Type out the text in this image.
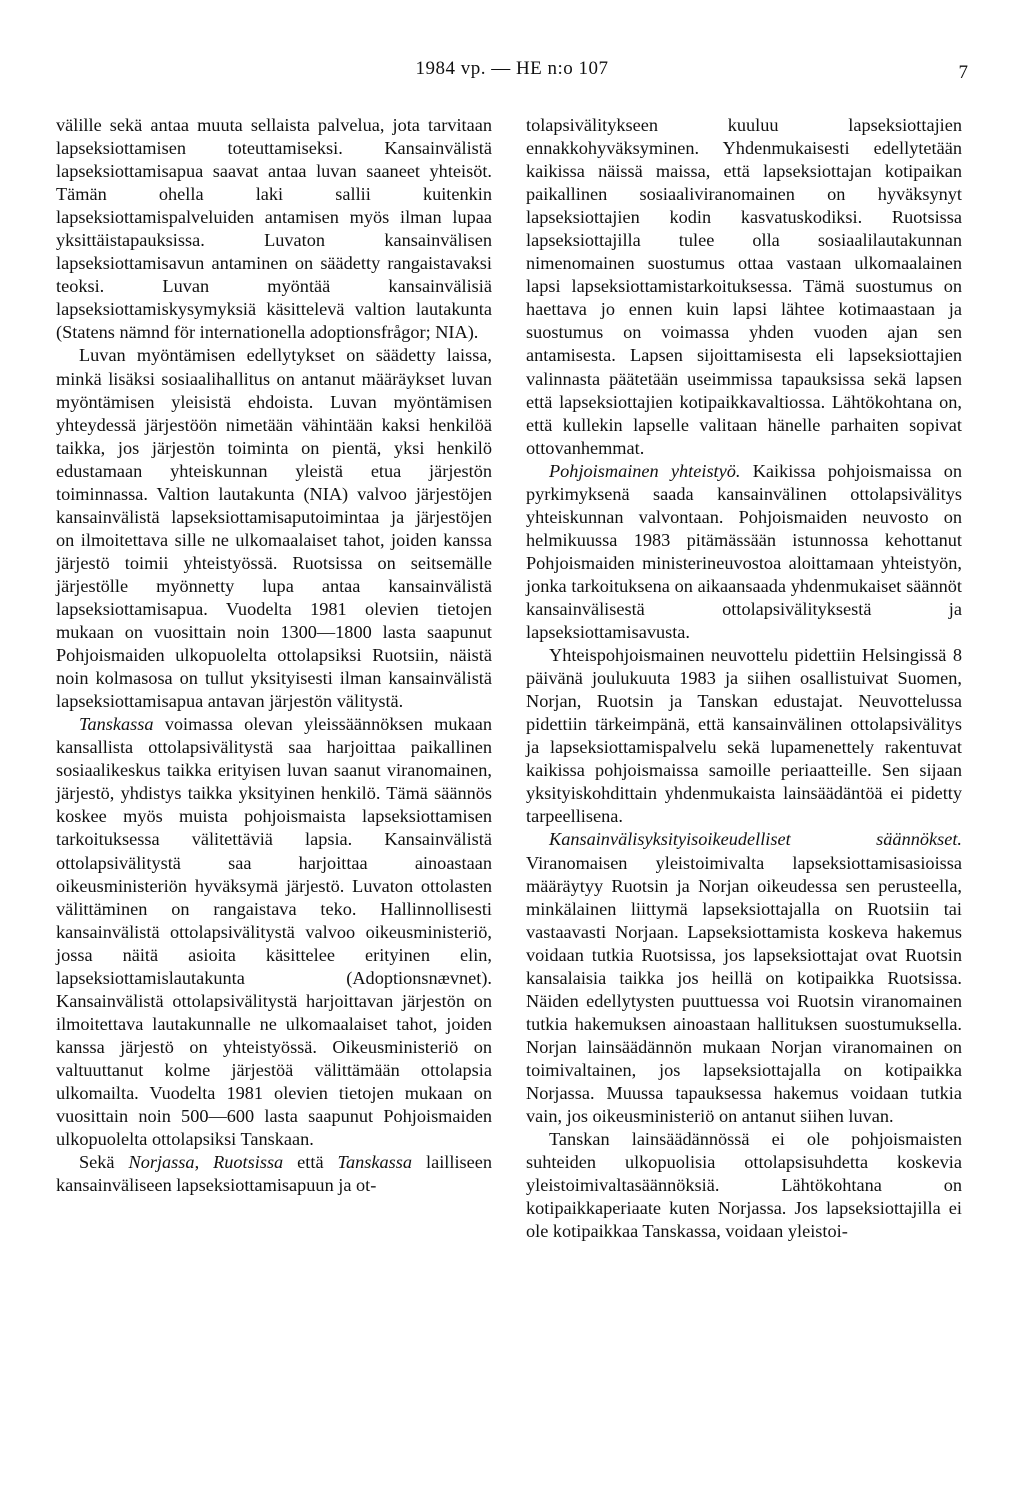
1984 vp. — HE n:o 107	7

välille sekä antaa muuta sellaista palvelua, jota tarvitaan lapseksiottamisen toteuttamiseksi. Kansainvälistä lapseksiottamisapua saavat antaa luvan saaneet yhteisöt. Tämän ohella laki sallii kuitenkin lapseksiottamispalveluiden antamisen myös ilman lupaa yksittäistapauksissa. Luvaton kansainvälisen lapseksiottamisavun antaminen on säädetty rangaistavaksi teoksi. Luvan myöntää kansainvälisiä lapseksiottamiskysymyksiä käsittelevä valtion lautakunta (Statens nämnd för internationella adoptionsfrågor; NIA).

Luvan myöntämisen edellytykset on säädetty laissa, minkä lisäksi sosiaalihallitus on antanut määräykset luvan myöntämisen yleisistä ehdoista. Luvan myöntämisen yhteydessä järjestöön nimetään vähintään kaksi henkilöä taikka, jos järjestön toiminta on pientä, yksi henkilö edustamaan yhteiskunnan yleistä etua järjestön toiminnassa. Valtion lautakunta (NIA) valvoo järjestöjen kansainvälistä lapseksiottamisaputoimintaa ja järjestöjen on ilmoitettava sille ne ulkomaalaiset tahot, joiden kanssa järjestö toimii yhteistyössä. Ruotsissa on seitsemälle järjestölle myönnetty lupa antaa kansainvälistä lapseksiottamisapua. Vuodelta 1981 olevien tietojen mukaan on vuosittain noin 1300—1800 lasta saapunut Pohjoismaiden ulkopuolelta ottolapsiksi Ruotsiin, näistä noin kolmasosa on tullut yksityisesti ilman kansainvälistä lapseksiottamisapua antavan järjestön välitystä.

Tanskassa voimassa olevan yleissäännöksen mukaan kansallista ottolapsivälitystä saa harjoittaa paikallinen sosiaalikeskus taikka erityisen luvan saanut viranomainen, järjestö, yhdistys taikka yksityinen henkilö. Tämä säännös koskee myös muista pohjoismaista lapseksiottamisen tarkoituksessa välitettäviä lapsia. Kansainvälistä ottolapsivälitystä saa harjoittaa ainoastaan oikeusministeriön hyväksymä järjestö. Luvaton ottolasten välittäminen on rangaistava teko. Hallinnollisesti kansainvälistä ottolapsivälitystä valvoo oikeusministeriö, jossa näitä asioita käsittelee erityinen elin, lapseksiottamislautakunta (Adoptionsnævnet). Kansainvälistä ottolapsivälitystä harjoittavan järjestön on ilmoitettava lautakunnalle ne ulkomaalaiset tahot, joiden kanssa järjestö on yhteistyössä. Oikeusministeriö on valtuuttanut kolme järjestöä välittämään ottolapsia ulkomailta. Vuodelta 1981 olevien tietojen mukaan on vuosittain noin 500—600 lasta saapunut Pohjoismaiden ulkopuolelta ottolapsiksi Tanskaan.

Sekä Norjassa, Ruotsissa että Tanskassa lailliseen kansainväliseen lapseksiottamisapuun ja ot-

tolapsivälitykseen kuuluu lapseksiottajien ennakkohyväksyminen. Yhdenmukaisesti edellytetään kaikissa näissä maissa, että lapseksiottajan kotipaikan paikallinen sosiaaliviranomainen on hyväksynyt lapseksiottajien kodin kasvatuskodiksi. Ruotsissa lapseksiottajilla tulee olla sosiaalilautakunnan nimenomainen suostumus ottaa vastaan ulkomaalainen lapsi lapseksiottamistarkoituksessa. Tämä suostumus on haettava jo ennen kuin lapsi lähtee kotimaastaan ja suostumus on voimassa yhden vuoden ajan sen antamisesta. Lapsen sijoittamisesta eli lapseksiottajien valinnasta päätetään useimmissa tapauksissa sekä lapsen että lapseksiottajien kotipaikkavaltiossa. Lähtökohtana on, että kullekin lapselle valitaan hänelle parhaiten sopivat ottovanhemmat.

Pohjoismainen yhteistyö. Kaikissa pohjoismaissa on pyrkimyksenä saada kansainvälinen ottolapsivälitys yhteiskunnan valvontaan. Pohjoismaiden neuvosto on helmikuussa 1983 pitämässään istunnossa kehottanut Pohjoismaiden ministerineuvostoa aloittamaan yhteistyön, jonka tarkoituksena on aikaansaada yhdenmukaiset säännöt kansainvälisestä ottolapsivälityksestä ja lapseksiottamisavusta.

Yhteispohjoismainen neuvottelu pidettiin Helsingissä 8 päivänä joulukuuta 1983 ja siihen osallistuivat Suomen, Norjan, Ruotsin ja Tanskan edustajat. Neuvottelussa pidettiin tärkeimpänä, että kansainvälinen ottolapsivälitys ja lapseksiottamispalvelu sekä lupamenettely rakentuvat kaikissa pohjoismaissa samoille periaatteille. Sen sijaan yksityiskohdittain yhdenmukaista lainsäädäntöä ei pidetty tarpeellisena.

Kansainvälisyksityisoikeudelliset säännökset. Viranomaisen yleistoimivalta lapseksiottamisasioissa määräytyy Ruotsin ja Norjan oikeudessa sen perusteella, minkälainen liittymä lapseksiottajalla on Ruotsiin tai vastaavasti Norjaan. Lapseksiottamista koskeva hakemus voidaan tutkia Ruotsissa, jos lapseksiottajat ovat Ruotsin kansalaisia taikka jos heillä on kotipaikka Ruotsissa. Näiden edellytysten puuttuessa voi Ruotsin viranomainen tutkia hakemuksen ainoastaan hallituksen suostumuksella. Norjan lainsäädännön mukaan Norjan viranomainen on toimivaltainen, jos lapseksiottajalla on kotipaikka Norjassa. Muussa tapauksessa hakemus voidaan tutkia vain, jos oikeusministeriö on antanut siihen luvan.

Tanskan lainsäädännössä ei ole pohjoismaisten suhteiden ulkopuolisia ottolapsisuhdetta koskevia yleistoimivaltasäännöksiä. Lähtökohtana on kotipaikkaperiaate kuten Norjassa. Jos lapseksiottajilla ei ole kotipaikkaa Tanskassa, voidaan yleistoi-
